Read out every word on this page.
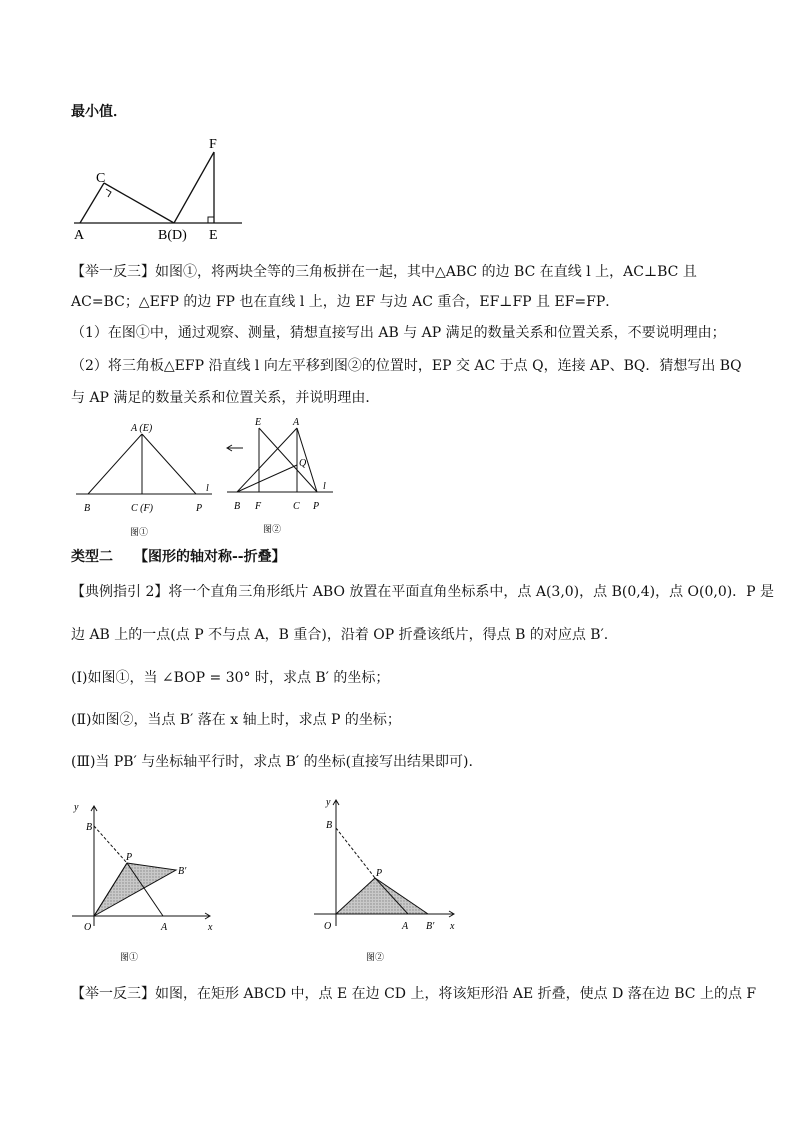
最小值．
【举一反三】如图①，将两块全等的三角板拼在一起，其中△ABC 的边 BC 在直线 l 上，AC⊥BC 且
AC=BC；△EFP 的边 FP 也在直线 l 上，边 EF 与边 AC 重合，EF⊥FP 且 EF=FP．
（1）在图①中，通过观察、测量，猜想直接写出 AB 与 AP 满足的数量关系和位置关系，不要说明理由；
（2）将三角板△EFP 沿直线 l 向左平移到图②的位置时，EP 交 AC 于点 Q，连接 AP、BQ．猜想写出 BQ
与 AP 满足的数量关系和位置关系，并说明理由．
类型二　　【图形的轴对称--折叠】
【典例指引 2】将一个直角三角形纸片 ABO 放置在平面直角坐标系中，点 A(3,0)，点 B(0,4)，点 O(0,0)．P 是
边 AB 上的一点(点 P 不与点 A，B 重合)，沿着 OP 折叠该纸片，得点 B 的对应点 B′.
(Ⅰ)如图①，当 ∠BOP = 30° 时，求点 B′ 的坐标；
(Ⅱ)如图②，当点 B′ 落在 x 轴上时，求点 P 的坐标；
(Ⅲ)当 PB′ 与坐标轴平行时，求点 B′ 的坐标(直接写出结果即可).
【举一反三】如图，在矩形 ABCD 中，点 E 在边 CD 上，将该矩形沿 AE 折叠，使点 D 落在边 BC 上的点 F
F
C
A	B(D) E
A (E)
B	C (F)	P
l
图①
E	A
Q
B F	C P
l
图②
y
B
P
B′
O	A	x
图①
y
B
P
O	A B′ x
图②
